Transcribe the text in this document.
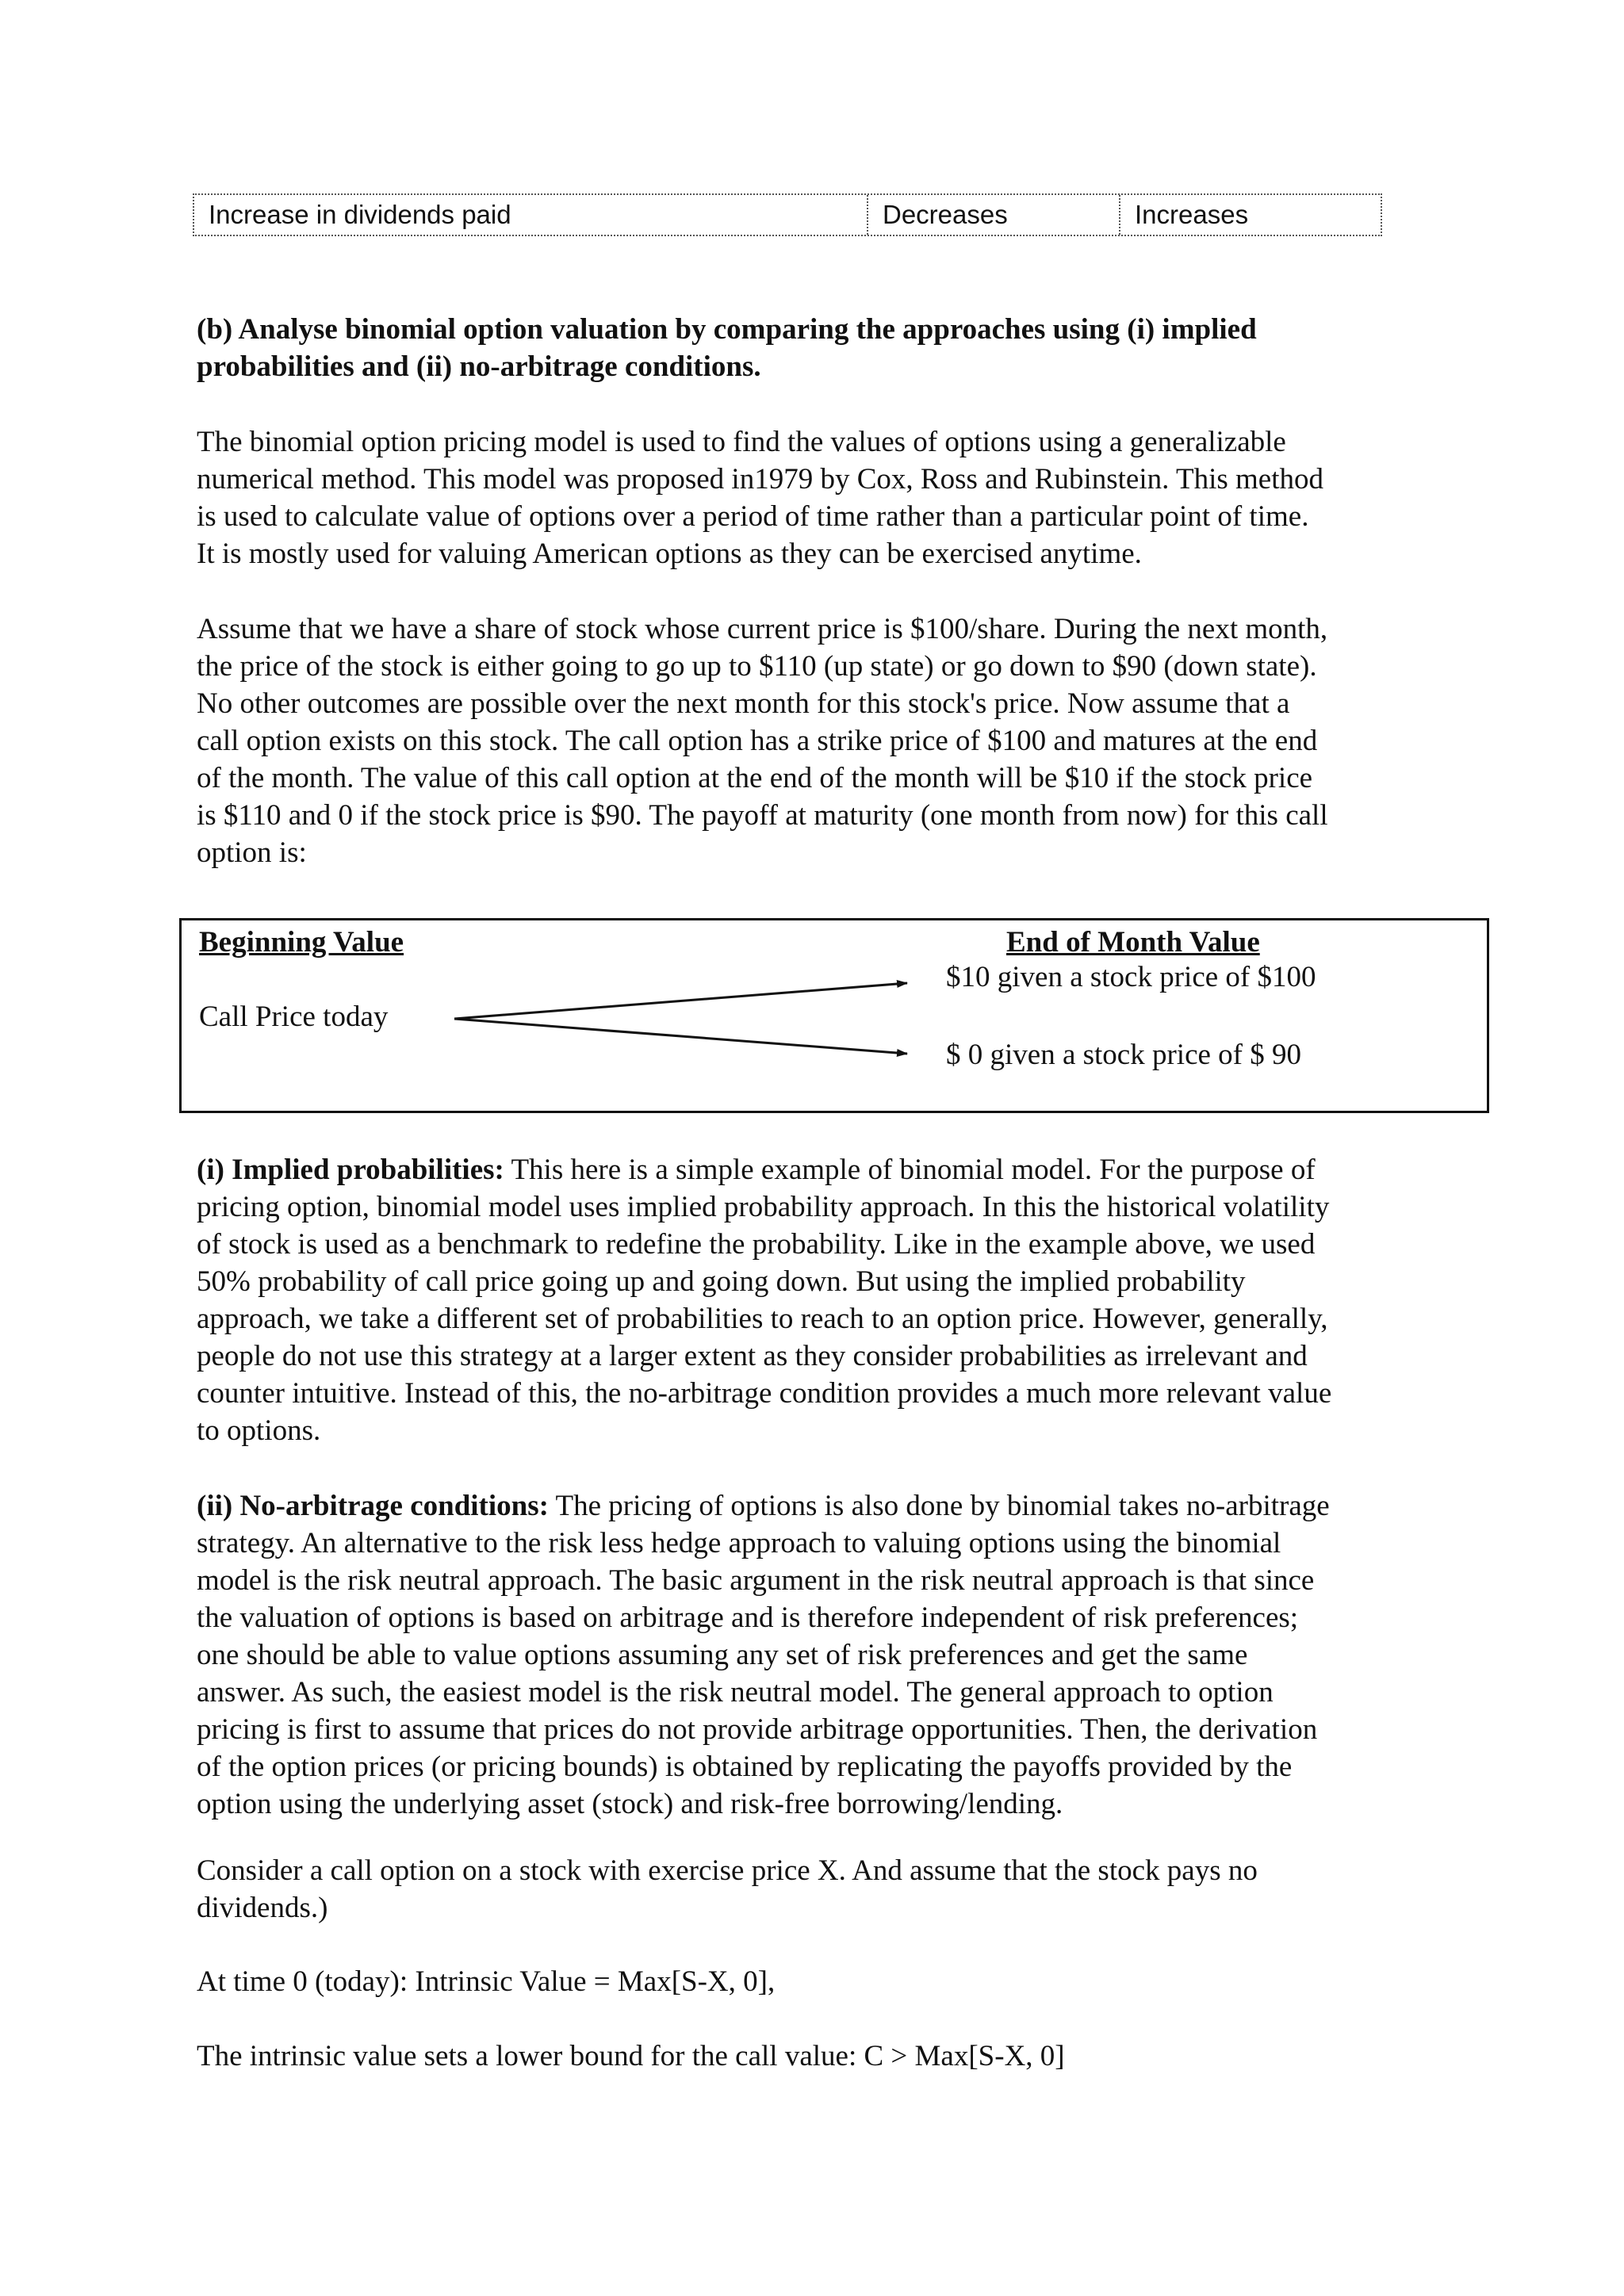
Increase in dividends paid	Decreases	Increases
(b) Analyse binomial option valuation by comparing the approaches using (i) implied
probabilities and (ii) no-arbitrage conditions.
The binomial option pricing model is used to find the values of options using a generalizable
numerical method. This model was proposed in1979 by Cox, Ross and Rubinstein. This method
is used to calculate value of options over a period of time rather than a particular point of time.
It is mostly used for valuing American options as they can be exercised anytime.
Assume that we have a share of stock whose current price is $100/share. During the next month,
the price of the stock is either going to go up to $110 (up state) or go down to $90 (down state).
No other outcomes are possible over the next month for this stock's price. Now assume that a
call option exists on this stock. The call option has a strike price of $100 and matures at the end
of the month. The value of this call option at the end of the month will be $10 if the stock price
is $110 and 0 if the stock price is $90. The payoff at maturity (one month from now) for this call
option is:
Beginning Value
Call Price today
End of Month Value
$10 given a stock price of $100
$ 0 given a stock price of $ 90
(i) Implied probabilities: This here is a simple example of binomial model. For the purpose of
pricing option, binomial model uses implied probability approach. In this the historical volatility
of stock is used as a benchmark to redefine the probability. Like in the example above, we used
50% probability of call price going up and going down. But using the implied probability
approach, we take a different set of probabilities to reach to an option price. However, generally,
people do not use this strategy at a larger extent as they consider probabilities as irrelevant and
counter intuitive. Instead of this, the no-arbitrage condition provides a much more relevant value
to options.
(ii) No-arbitrage conditions: The pricing of options is also done by binomial takes no-arbitrage
strategy. An alternative to the risk less hedge approach to valuing options using the binomial
model is the risk neutral approach. The basic argument in the risk neutral approach is that since
the valuation of options is based on arbitrage and is therefore independent of risk preferences;
one should be able to value options assuming any set of risk preferences and get the same
answer. As such, the easiest model is the risk neutral model. The general approach to option
pricing is first to assume that prices do not provide arbitrage opportunities. Then, the derivation
of the option prices (or pricing bounds) is obtained by replicating the payoffs provided by the
option using the underlying asset (stock) and risk-free borrowing/lending.
Consider a call option on a stock with exercise price X. And assume that the stock pays no
dividends.)
At time 0 (today): Intrinsic Value = Max[S-X, 0],
The intrinsic value sets a lower bound for the call value: C > Max[S-X, 0]
